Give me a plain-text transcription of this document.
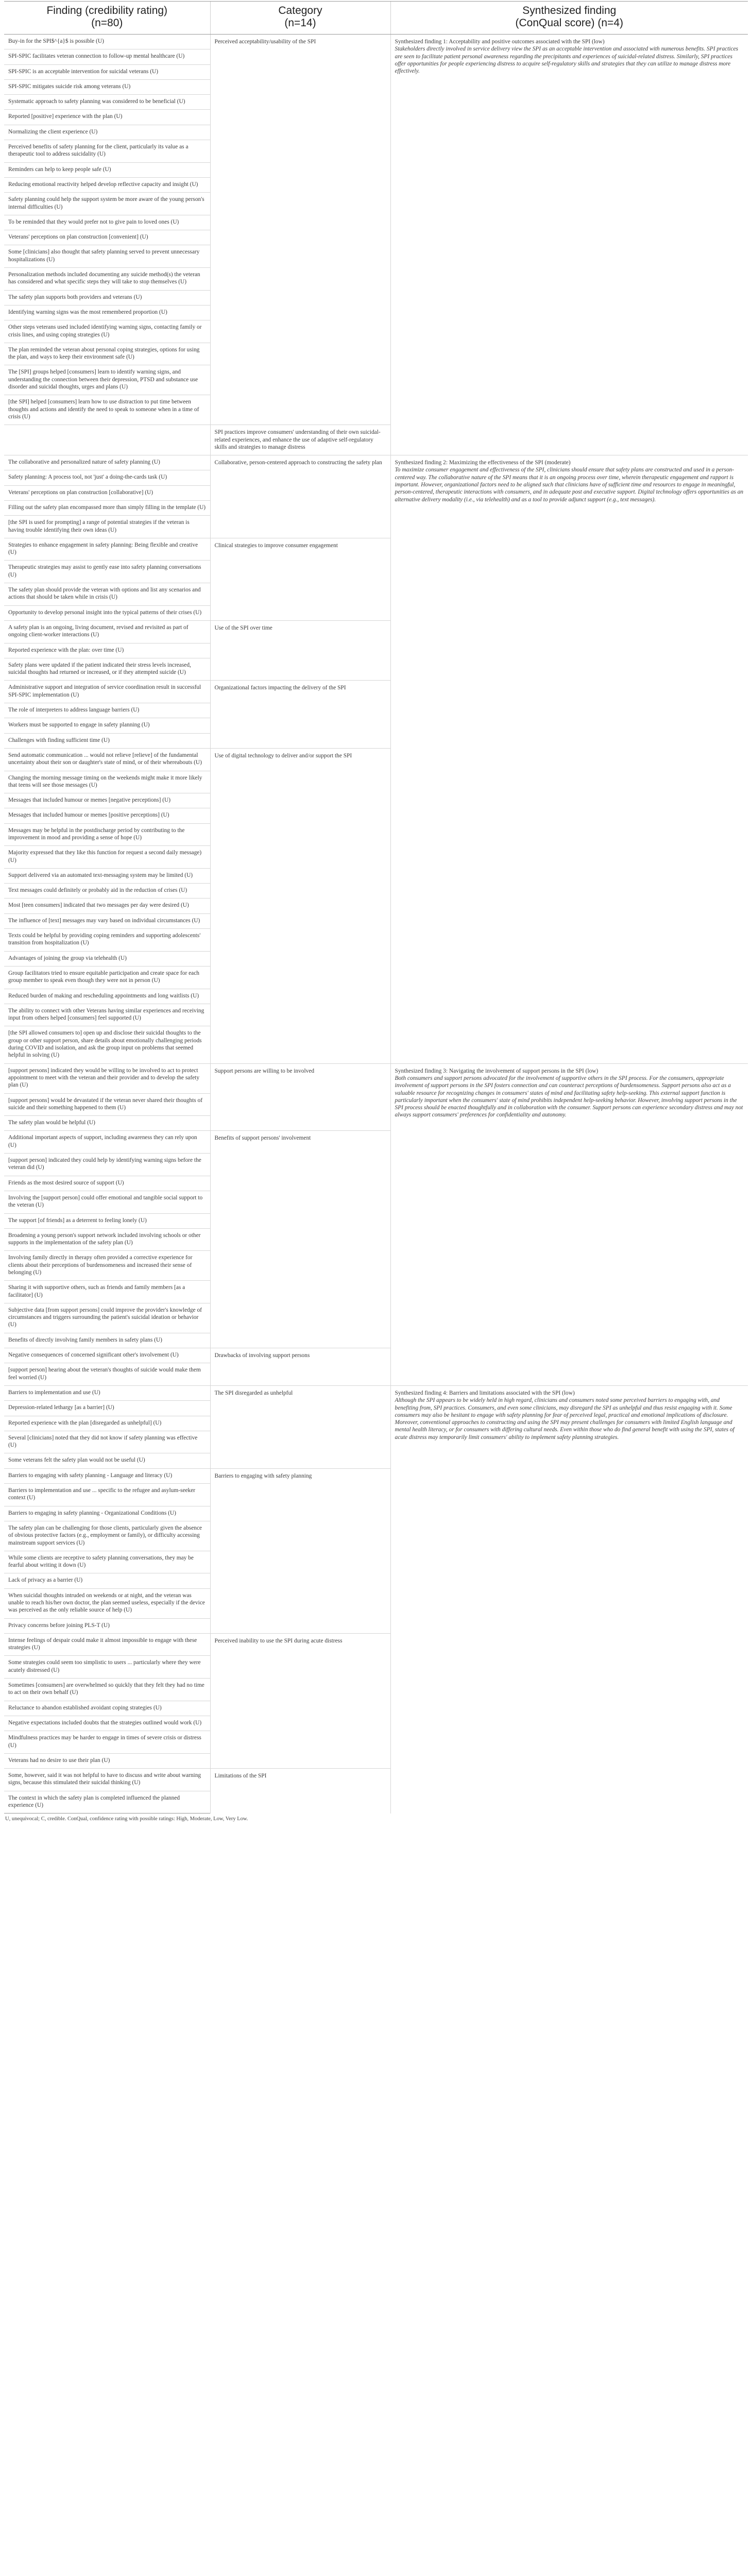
Finding (credibility rating)
(n=80)	Category
(n=14)	Synthesized finding
(ConQual score) (n=4)
Buy-in for the SPI$^{a}$ is possible (U)	Perceived acceptability/usability of the SPI	Synthesized finding 1: Acceptability and positive outcomes associated with the SPI (low)
Stakeholders directly involved in service delivery view the SPI as an acceptable intervention and associated with numerous benefits. SPI practices are seen to facilitate patient personal awareness regarding the precipitants and experiences of suicidal-related distress. Similarly, SPI practices offer opportunities for people experiencing distress to acquire self-regulatory skills and strategies that they can utilize to manage distress more effectively.

SPI-SPIC facilitates veteran connection to follow-up mental healthcare (U)		
SPI-SPIC is an acceptable intervention for suicidal veterans (U)		
SPI-SPIC mitigates suicide risk among veterans (U)		
Systematic approach to safety planning was considered to be beneficial (U)		
Reported [positive] experience with the plan (U)		
Normalizing the client experience (U)		
Perceived benefits of safety planning for the client, particularly its value as a therapeutic tool to address suicidality (U)		
Reminders can help to keep people safe (U)		
Reducing emotional reactivity helped develop reflective capacity and insight (U)		
Safety planning could help the support system be more aware of the young person's internal difficulties (U)		
To be reminded that they would prefer not to give pain to loved ones (U)		
Veterans' perceptions on plan construction [convenient] (U)		
Some [clinicians] also thought that safety planning served to prevent unnecessary hospitalizations (U)		
Personalization methods included documenting any suicide method(s) the veteran has considered and what specific steps they will take to stop themselves (U)		
The safety plan supports both providers and veterans (U)		
Identifying warning signs was the most remembered proportion (U)		
Other steps veterans used included identifying warning signs, contacting family or crisis lines, and using coping strategies (U)		
The plan reminded the veteran about personal coping strategies, options for using the plan, and ways to keep their environment safe (U)		
The [SPI] groups helped [consumers] learn to identify warning signs, and understanding the connection between their depression, PTSD and substance use disorder and suicidal thoughts, urges and plans (U)		
[the SPI] helped [consumers] learn how to use distraction to put time between thoughts and actions and identify the need to speak to someone when in a time of crisis (U)		
	SPI practices improve consumers' understanding of their own suicidal-related experiences, and enhance the use of adaptive self-regulatory skills and strategies to manage distress	
The collaborative and personalized nature of safety planning (U)	Collaborative, person-centered approach to constructing the safety plan	Synthesized finding 2: Maximizing the effectiveness of the SPI (moderate)
To maximize consumer engagement and effectiveness of the SPI, clinicians should ensure that safety plans are constructed and used in a person-centered way. The collaborative nature of the SPI means that it is an ongoing process over time, wherein therapeutic engagement and rapport is important. However, organizational factors need to be aligned such that clinicians have of sufficient time and resources to engage in meaningful, person-centered, therapeutic interactions with consumers, and in adequate post and executive support. Digital technology offers opportunities as an alternative delivery modality (i.e., via telehealth) and as a tool to provide adjunct support (e.g., text messages).

Safety planning: A process tool, not 'just' a doing-the-cards task (U)		
Veterans' perceptions on plan construction [collaborative] (U)		
Filling out the safety plan encompassed more than simply filling in the template (U)		
[the SPI is used for prompting] a range of potential strategies if the veteran is having trouble identifying their own ideas (U)		
Strategies to enhance engagement in safety planning: Being flexible and creative (U)	Clinical strategies to improve consumer engagement	
Therapeutic strategies may assist to gently ease into safety planning conversations (U)		
The safety plan should provide the veteran with options and list any scenarios and actions that should be taken while in crisis (U)		
Opportunity to develop personal insight into the typical patterns of their crises (U)		
A safety plan is an ongoing, living document, revised and revisited as part of ongoing client-worker interactions (U)	Use of the SPI over time	
Reported experience with the plan: over time (U)		
Safety plans were updated if the patient indicated their stress levels increased, suicidal thoughts had returned or increased, or if they attempted suicide (U)		
Administrative support and integration of service coordination result in successful SPI-SPIC implementation (U)	Organizational factors impacting the delivery of the SPI	
The role of interpreters to address language barriers (U)		
Workers must be supported to engage in safety planning (U)		
Challenges with finding sufficient time (U)		
Send automatic communication ... would not relieve [relieve] of the fundamental uncertainty about their son or daughter's state of mind, or of their whereabouts (U)	Use of digital technology to deliver and/or support the SPI	
Changing the morning message timing on the weekends might make it more likely that teens will see those messages (U)		
Messages that included humour or memes [negative perceptions] (U)		
Messages that included humour or memes [positive perceptions] (U)		
Messages may be helpful in the postdischarge period by contributing to the improvement in mood and providing a sense of hope (U)		
Majority expressed that they like this function for request a second daily message) (U)		
Support delivered via an automated text-messaging system may be limited (U)		
Text messages could definitely or probably aid in the reduction of crises (U)		
Most [teen consumers] indicated that two messages per day were desired (U)		
The influence of [text] messages may vary based on individual circumstances (U)		
Texts could be helpful by providing coping reminders and supporting adolescents' transition from hospitalization (U)		
Advantages of joining the group via telehealth (U)		
Group facilitators tried to ensure equitable participation and create space for each group member to speak even though they were not in person (U)		
Reduced burden of making and rescheduling appointments and long waitlists (U)		
The ability to connect with other Veterans having similar experiences and receiving input from others helped [consumers] feel supported (U)		
[the SPI allowed consumers to] open up and disclose their suicidal thoughts to the group or other support person, share details about emotionally challenging periods during COVID and isolation, and ask the group input on problems that seemed helpful in solving (U)		
[support persons] indicated they would be willing to be involved to act to protect appointment to meet with the veteran and their provider and to develop the safety plan (U)	Support persons are willing to be involved	Synthesized finding 3: Navigating the involvement of support persons in the SPI (low)
Both consumers and support persons advocated for the involvement of supportive others in the SPI process. For the consumers, appropriate involvement of support persons in the SPI fosters connection and can counteract perceptions of burdensomeness. Support persons also act as a valuable resource for recognizing changes in consumers' states of mind and facilitating safety help-seeking. This external support function is particularly important when the consumers' state of mind prohibits independent help-seeking behavior. However, involving support persons in the SPI process should be enacted thoughtfully and in collaboration with the consumer. Support persons can experience secondary distress and may not always support consumers' preferences for confidentiality and autonomy.

[support persons] would be devastated if the veteran never shared their thoughts of suicide and their something happened to them (U)		
The safety plan would be helpful (U)		
Additional important aspects of support, including awareness they can rely upon (U)	Benefits of support persons' involvement	
[support person] indicated they could help by identifying warning signs before the veteran did (U)		
Friends as the most desired source of support (U)		
Involving the [support person] could offer emotional and tangible social support to the veteran (U)		
The support [of friends] as a deterrent to feeling lonely (U)		
Broadening a young person's support network included involving schools or other supports in the implementation of the safety plan (U)		
Involving family directly in therapy often provided a corrective experience for clients about their perceptions of burdensomeness and increased their sense of belonging (U)		
Sharing it with supportive others, such as friends and family members [as a facilitator] (U)		
Subjective data [from support persons] could improve the provider's knowledge of circumstances and triggers surrounding the patient's suicidal ideation or behavior (U)		
Benefits of directly involving family members in safety plans (U)		
Negative consequences of concerned significant other's involvement (U)	Drawbacks of involving support persons	
[support person] hearing about the veteran's thoughts of suicide would make them feel worried (U)		
Barriers to implementation and use (U)	The SPI disregarded as unhelpful	Synthesized finding 4: Barriers and limitations associated with the SPI (low)
Although the SPI appears to be widely held in high regard, clinicians and consumers noted some perceived barriers to engaging with, and benefiting from, SPI practices. Consumers, and even some clinicians, may disregard the SPI as unhelpful and thus resist engaging with it. Some consumers may also be hesitant to engage with safety planning for fear of perceived legal, practical and emotional implications of disclosure. Moreover, conventional approaches to constructing and using the SPI may present challenges for consumers with limited English language and mental health literacy, or for consumers with differing cultural needs. Even within those who do find general benefit with using the SPI, states of acute distress may temporarily limit consumers' ability to implement safety planning strategies.

Depression-related lethargy [as a barrier] (U)		
Reported experience with the plan [disregarded as unhelpful] (U)		
Several [clinicians] noted that they did not know if safety planning was effective (U)		
Some veterans felt the safety plan would not be useful (U)		
Barriers to engaging with safety planning - Language and literacy (U)	Barriers to engaging with safety planning	
Barriers to implementation and use ... specific to the refugee and asylum-seeker context (U)		
Barriers to engaging in safety planning - Organizational Conditions (U)		
The safety plan can be challenging for those clients, particularly given the absence of obvious protective factors (e.g., employment or family), or difficulty accessing mainstream support services (U)		
While some clients are receptive to safety planning conversations, they may be fearful about writing it down (U)		
Lack of privacy as a barrier (U)		
When suicidal thoughts intruded on weekends or at night, and the veteran was unable to reach his/her own doctor, the plan seemed useless, especially if the device was perceived as the only reliable source of help (U)		
Privacy concerns before joining PLS-T (U)		
Intense feelings of despair could make it almost impossible to engage with these strategies (U)	Perceived inability to use the SPI during acute distress	
Some strategies could seem too simplistic to users ... particularly where they were acutely distressed (U)		
Sometimes [consumers] are overwhelmed so quickly that they felt they had no time to act on their own behalf (U)		
Reluctance to abandon established avoidant coping strategies (U)		
Negative expectations included doubts that the strategies outlined would work (U)		
Mindfulness practices may be harder to engage in times of severe crisis or distress (U)		
Veterans had no desire to use their plan (U)		
Some, however, said it was not helpful to have to discuss and write about warning signs, because this stimulated their suicidal thinking (U)	Limitations of the SPI	
The context in which the safety plan is completed influenced the planned experience (U)		
U, unequivocal; C, credible. ConQual, confidence rating with possible ratings: High, Moderate, Low, Very Low.
